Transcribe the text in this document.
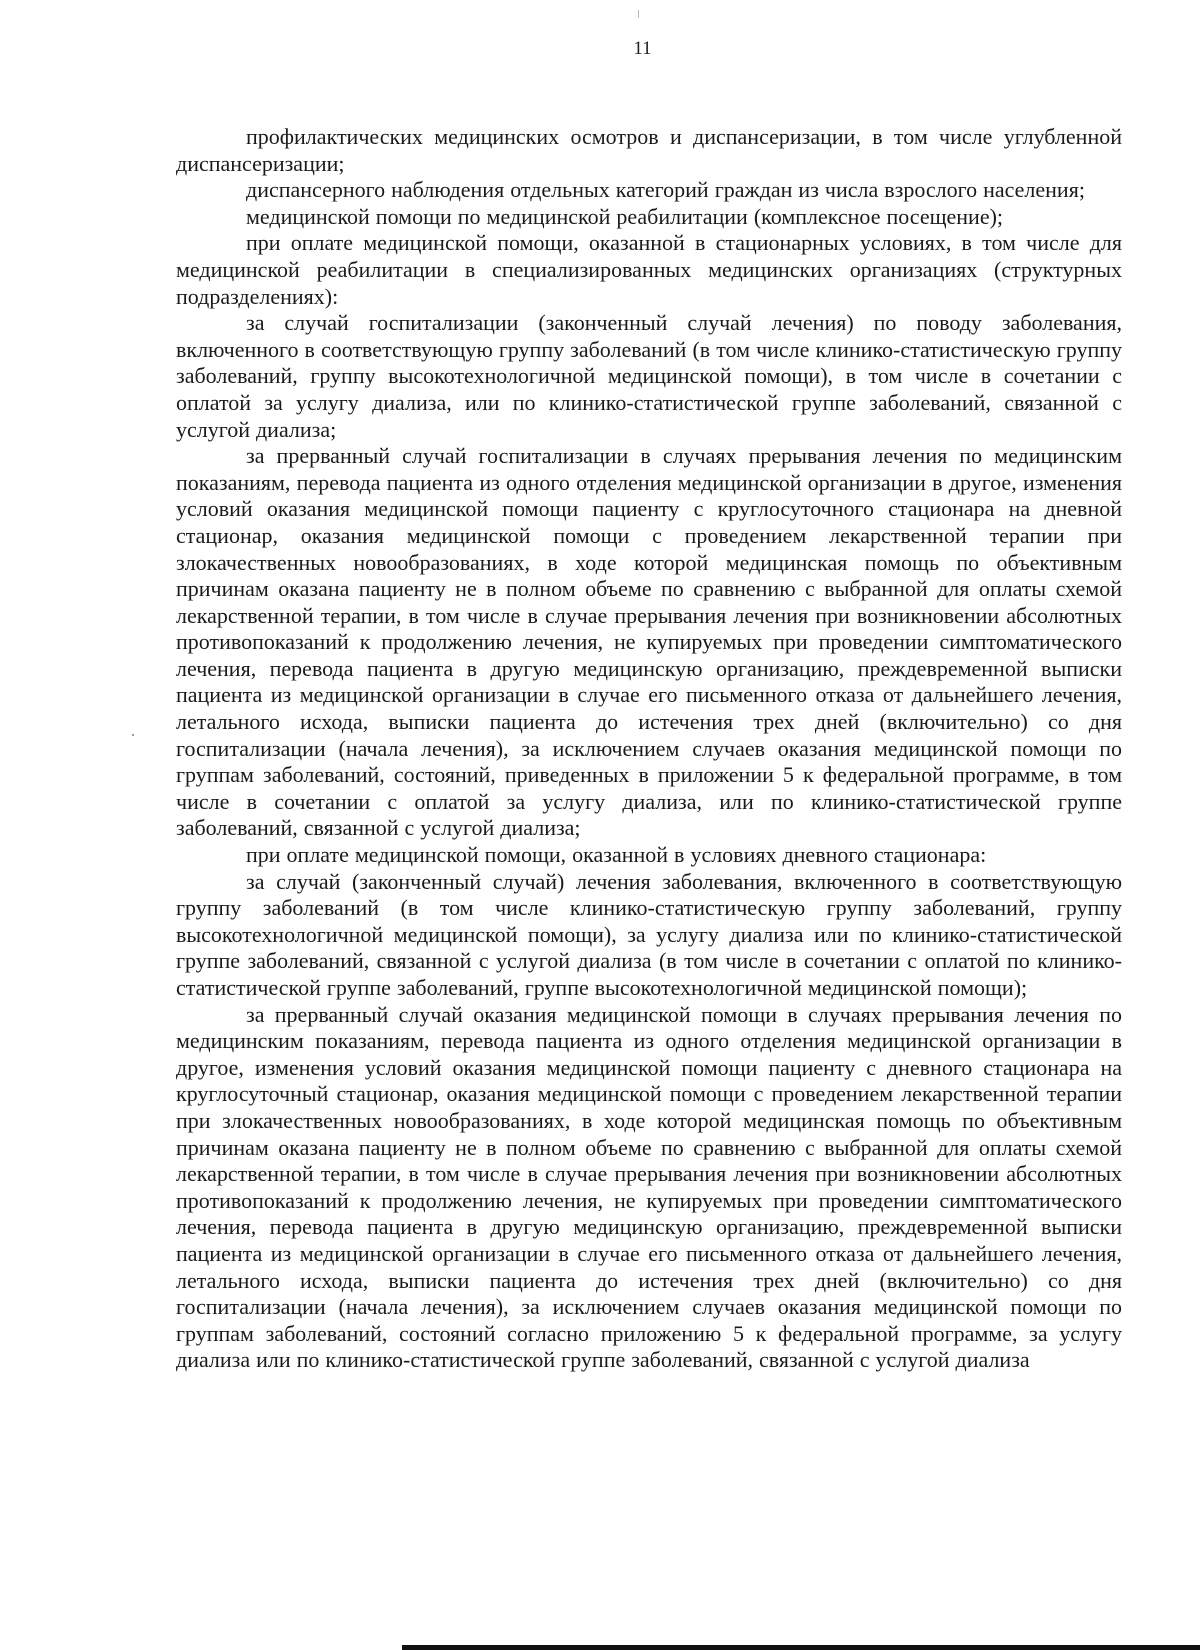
11

профилактических медицинских осмотров и диспансеризации, в том числе углубленной диспансеризации;

диспансерного наблюдения отдельных категорий граждан из числа взрослого населения;

медицинской помощи по медицинской реабилитации (комплексное посещение);

при оплате медицинской помощи, оказанной в стационарных условиях, в том числе для медицинской реабилитации в специализированных медицинских организациях (структурных подразделениях):

за случай госпитализации (законченный случай лечения) по поводу заболевания, включенного в соответствующую группу заболеваний (в том числе клинико-статистическую группу заболеваний, группу высокотехнологичной медицинской помощи), в том числе в сочетании с оплатой за услугу диализа, или по клинико-статистической группе заболеваний, связанной с услугой диализа;

за прерванный случай госпитализации в случаях прерывания лечения по медицинским показаниям, перевода пациента из одного отделения медицинской организации в другое, изменения условий оказания медицинской помощи пациенту с круглосуточного стационара на дневной стационар, оказания медицинской помощи с проведением лекарственной терапии при злокачественных новообразованиях, в ходе которой медицинская помощь по объективным причинам оказана пациенту не в полном объеме по сравнению с выбранной для оплаты схемой лекарственной терапии, в том числе в случае прерывания лечения при возникновении абсолютных противопоказаний к продолжению лечения, не купируемых при проведении симптоматического лечения, перевода пациента в другую медицинскую организацию, преждевременной выписки пациента из медицинской организации в случае его письменного отказа от дальнейшего лечения, летального исхода, выписки пациента до истечения трех дней (включительно) со дня госпитализации (начала лечения), за исключением случаев оказания медицинской помощи по группам заболеваний, состояний, приведенных в приложении 5 к федеральной программе, в том числе в сочетании с оплатой за услугу диализа, или по клинико-статистической группе заболеваний, связанной с услугой диализа;

при оплате медицинской помощи, оказанной в условиях дневного стационара:

за случай (законченный случай) лечения заболевания, включенного в соответствующую группу заболеваний (в том числе клинико-статистическую группу заболеваний, группу высокотехнологичной медицинской помощи), за услугу диализа или по клинико-статистической группе заболеваний, связанной с услугой диализа (в том числе в сочетании с оплатой по клинико-статистической группе заболеваний, группе высокотехнологичной медицинской помощи);

за прерванный случай оказания медицинской помощи в случаях прерывания лечения по медицинским показаниям, перевода пациента из одного отделения медицинской организации в другое, изменения условий оказания медицинской помощи пациенту с дневного стационара на круглосуточный стационар, оказания медицинской помощи с проведением лекарственной терапии при злокачественных новообразованиях, в ходе которой медицинская помощь по объективным причинам оказана пациенту не в полном объеме по сравнению с выбранной для оплаты схемой лекарственной терапии, в том числе в случае прерывания лечения при возникновении абсолютных противопоказаний к продолжению лечения, не купируемых при проведении симптоматического лечения, перевода пациента в другую медицинскую организацию, преждевременной выписки пациента из медицинской организации в случае его письменного отказа от дальнейшего лечения, летального исхода, выписки пациента до истечения трех дней (включительно) со дня госпитализации (начала лечения), за исключением случаев оказания медицинской помощи по группам заболеваний, состояний согласно приложению 5 к федеральной программе, за услугу диализа или по клинико-статистической группе заболеваний, связанной с услугой диализа
